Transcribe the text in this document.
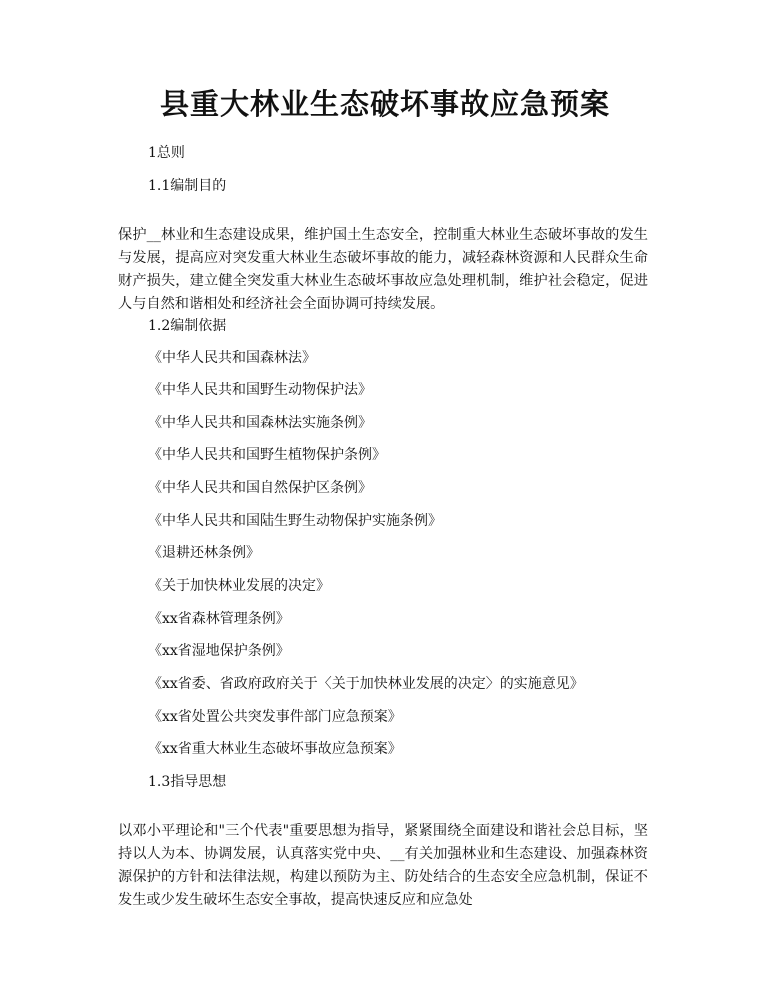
县重大林业生态破坏事故应急预案
1总则
1.1编制目的
保护__林业和生态建设成果，维护国土生态安全，控制重大林业生态破坏事故的发生与发展，提高应对突发重大林业生态破坏事故的能力，减轻森林资源和人民群众生命财产损失，建立健全突发重大林业生态破坏事故应急处理机制，维护社会稳定，促进人与自然和谐相处和经济社会全面协调可持续发展。
1.2编制依据
《中华人民共和国森林法》
《中华人民共和国野生动物保护法》
《中华人民共和国森林法实施条例》
《中华人民共和国野生植物保护条例》
《中华人民共和国自然保护区条例》
《中华人民共和国陆生野生动物保护实施条例》
《退耕还林条例》
《关于加快林业发展的决定》
《xx省森林管理条例》
《xx省湿地保护条例》
《xx省委、省政府政府关于〈关于加快林业发展的决定〉的实施意见》
《xx省处置公共突发事件部门应急预案》
《xx省重大林业生态破坏事故应急预案》
1.3指导思想
以邓小平理论和"三个代表"重要思想为指导，紧紧围绕全面建设和谐社会总目标，坚持以人为本、协调发展，认真落实党中央、__有关加强林业和生态建设、加强森林资源保护的方针和法律法规，构建以预防为主、防处结合的生态安全应急机制，保证不发生或少发生破坏生态安全事故，提高快速反应和应急处
